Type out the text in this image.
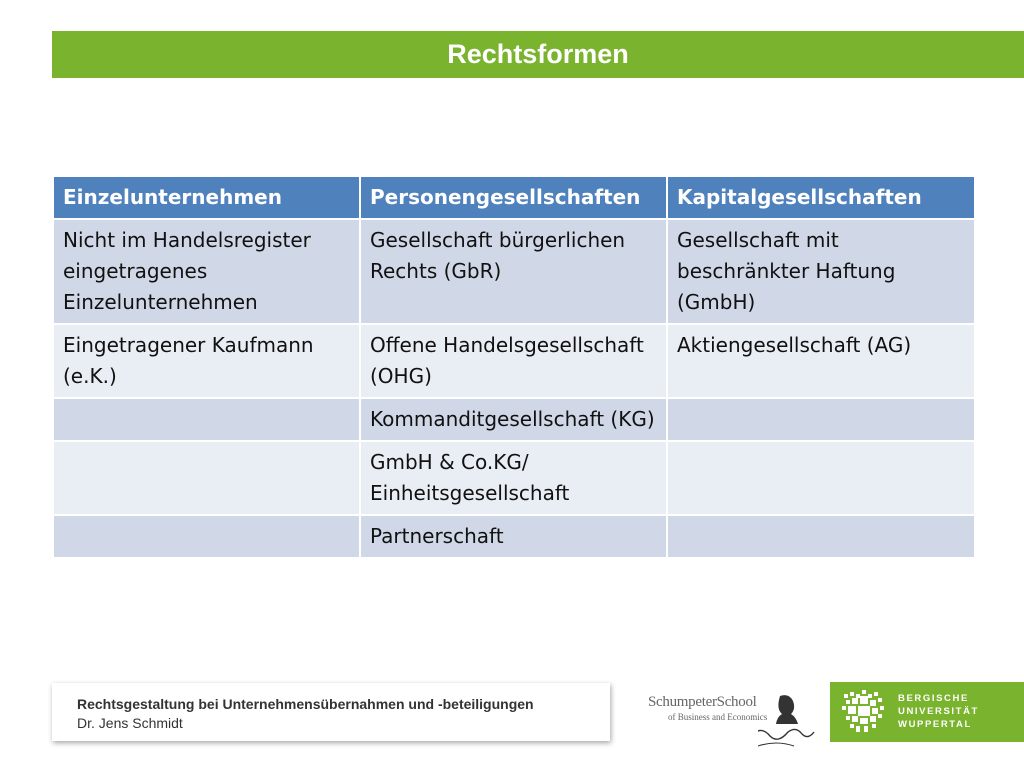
Rechtsformen
Einzelunternehmen	Personengesellschaften	Kapitalgesellschaften
Nicht im Handelsregister eingetragenes Einzelunternehmen	Gesellschaft bürgerlichen Rechts (GbR)	Gesellschaft mit beschränkter Haftung (GmbH)
Eingetragener Kaufmann (e.K.)	Offene Handelsgesellschaft (OHG)	Aktiengesellschaft (AG)
	Kommanditgesellschaft (KG)	
	GmbH & Co.KG/ Einheitsgesellschaft	
	Partnerschaft	
Rechtsgestaltung bei Unternehmensübernahmen und -beteiligungen
Dr. Jens Schmidt
SchumpeterSchool
of Business and Economics
BERGISCHE
UNIVERSITÄT
WUPPERTAL
